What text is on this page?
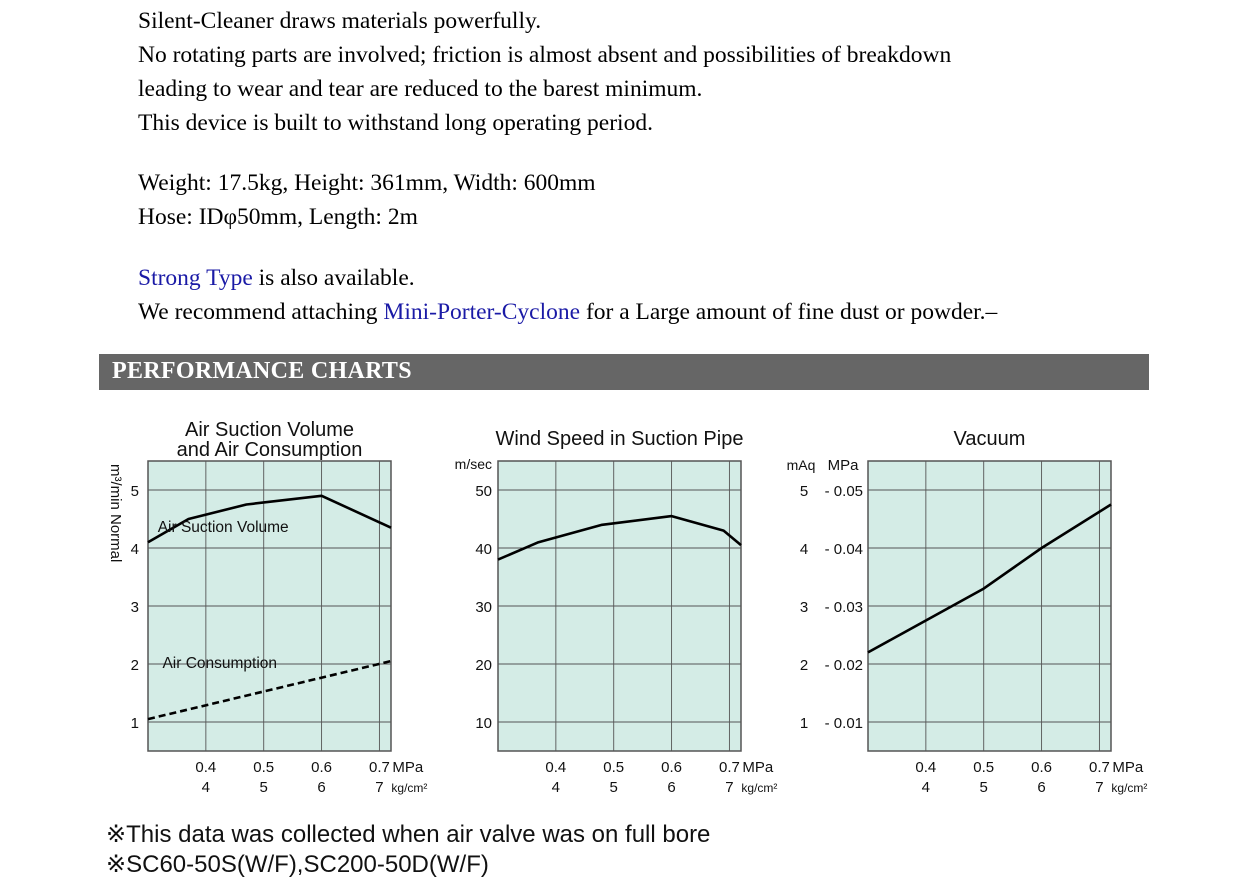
Silent-Cleaner draws materials powerfully.

No rotating parts are involved; friction is almost absent and possibilities of breakdown

leading to wear and tear are reduced to the barest minimum.

This device is built to withstand long operating period.

Weight: 17.5kg, Height: 361mm, Width: 600mm

Hose: IDφ50mm, Length: 2m

Strong Type is also available.

We recommend attaching Mini-Porter-Cyclone for a Large amount of fine dust or powder.–

PERFORMANCE CHARTS
1
2
3
4
5
0.4
4
0.5
5
0.6
6
0.7
7
MPa
kg/cm²
Air Suction Volume
and Air Consumption
m³/min Normal Air Suction Volume
Air Consumption
10
20
30
40
50
0.4
4
0.5
5
0.6
6
0.7
7
MPa
kg/cm²
Wind Speed in Suction Pipe
m/sec
1 - 0.01
2 - 0.02
3 - 0.03
4 - 0.04
5 - 0.05
0.4
4
0.5
5
0.6
6
0.7
7
MPa
kg/cm²
Vacuum
mAq MPa
※This data was collected when air valve was on full bore
※SC60-50S(W/F),SC200-50D(W/F)
